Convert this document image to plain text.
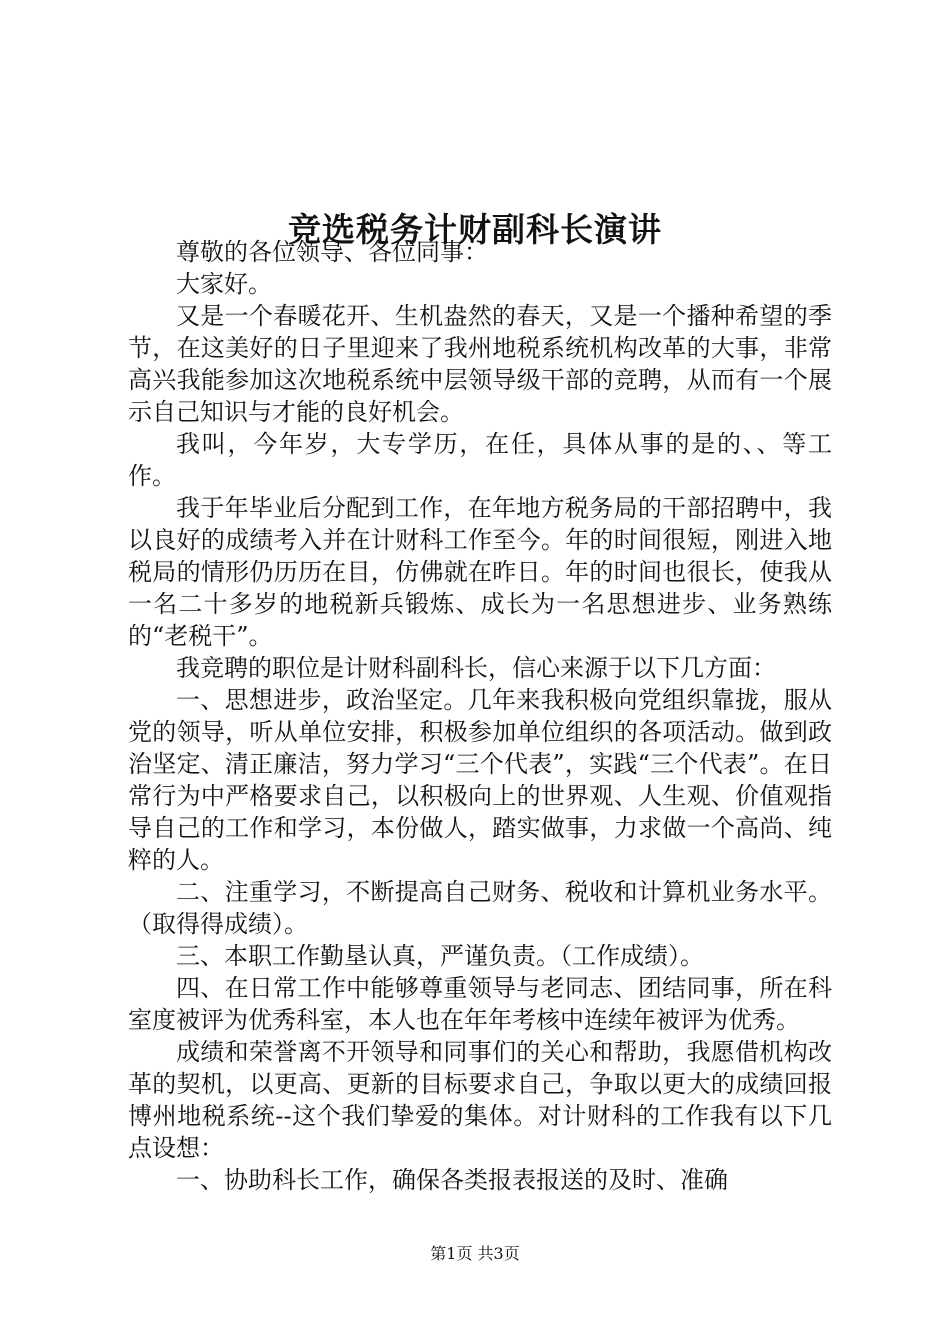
竞选税务计财副科长演讲

尊敬的各位领导、各位同事：

大家好。

又是一个春暖花开、生机盎然的春天，又是一个播种希望的季节，在这美好的日子里迎来了我州地税系统机构改革的大事，非常高兴我能参加这次地税系统中层领导级干部的竞聘，从而有一个展示自己知识与才能的良好机会。

我叫，今年岁，大专学历，在任，具体从事的是的、、等工作。

我于年毕业后分配到工作，在年地方税务局的干部招聘中，我以良好的成绩考入并在计财科工作至今。年的时间很短，刚进入地税局的情形仍历历在目，仿佛就在昨日。年的时间也很长，使我从一名二十多岁的地税新兵锻炼、成长为一名思想进步、业务熟练的“老税干”。

我竞聘的职位是计财科副科长，信心来源于以下几方面：

一、思想进步，政治坚定。几年来我积极向党组织靠拢，服从党的领导，听从单位安排，积极参加单位组织的各项活动。做到政治坚定、清正廉洁，努力学习“三个代表”，实践“三个代表”。在日常行为中严格要求自己，以积极向上的世界观、人生观、价值观指导自己的工作和学习，本份做人，踏实做事，力求做一个高尚、纯粹的人。

二、注重学习，不断提高自己财务、税收和计算机业务水平。（取得得成绩）。

三、本职工作勤垦认真，严谨负责。（工作成绩）。

四、在日常工作中能够尊重领导与老同志、团结同事，所在科室度被评为优秀科室，本人也在年年考核中连续年被评为优秀。

成绩和荣誉离不开领导和同事们的关心和帮助，我愿借机构改革的契机，以更高、更新的目标要求自己，争取以更大的成绩回报博州地税系统--这个我们挚爱的集体。对计财科的工作我有以下几点设想：

一、协助科长工作，确保各类报表报送的及时、准确

第1页 共3页
